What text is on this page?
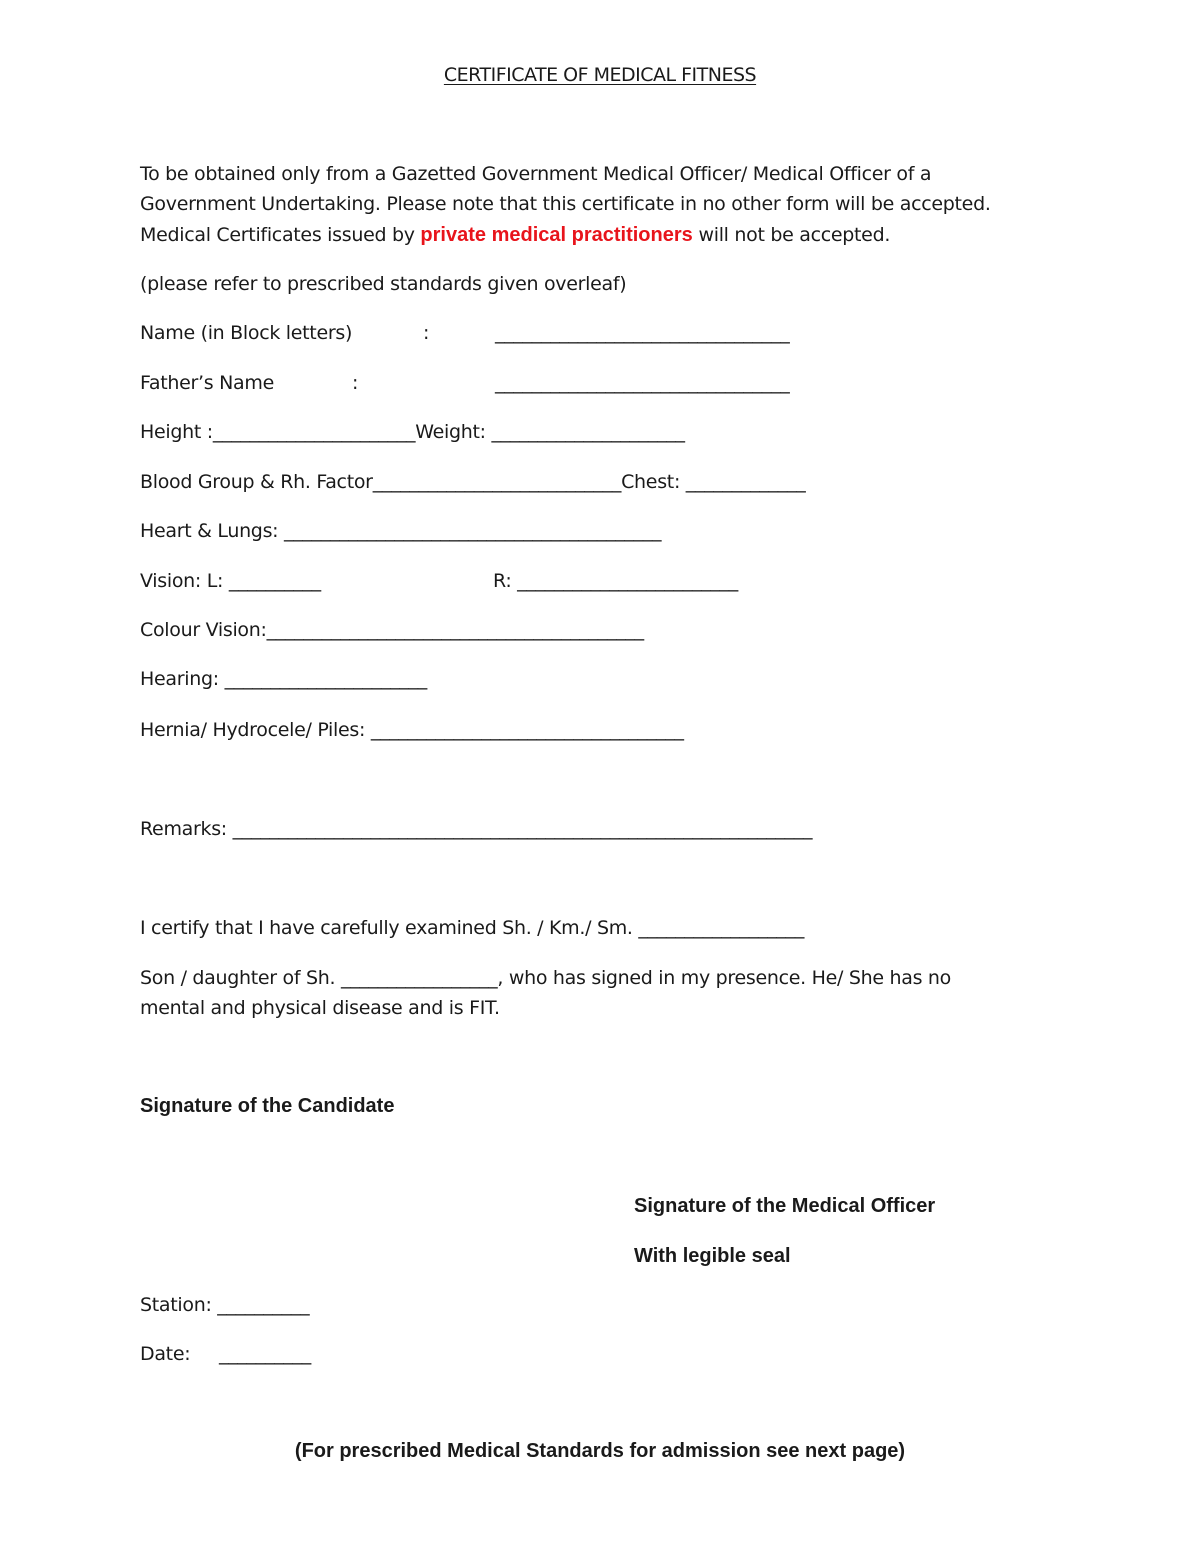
CERTIFICATE OF MEDICAL FITNESS
To be obtained only from a Gazetted Government Medical Officer/ Medical Officer of a
Government Undertaking. Please note that this certificate in no other form will be accepted.
Medical Certificates issued by private medical practitioners will not be accepted.
(please refer to prescribed standards given overleaf)
Name (in Block letters)	:	________________________________
Father’s Name	:	________________________________
Height :______________________Weight: _____________________
Blood Group & Rh. Factor___________________________Chest: _____________
Heart & Lungs: _________________________________________
Vision: L: __________	R: ________________________
Colour Vision:_________________________________________
Hearing: ______________________
Hernia/ Hydrocele/ Piles: __________________________________
Remarks: _______________________________________________________________
I certify that I have carefully examined Sh. / Km./ Sm. __________________
Son / daughter of Sh. _________________, who has signed in my presence. He/ She has no
mental and physical disease and is FIT.
Signature of the Candidate
Signature of the Medical Officer
With legible seal
Station: __________
Date: __________
(For prescribed Medical Standards for admission see next page)
